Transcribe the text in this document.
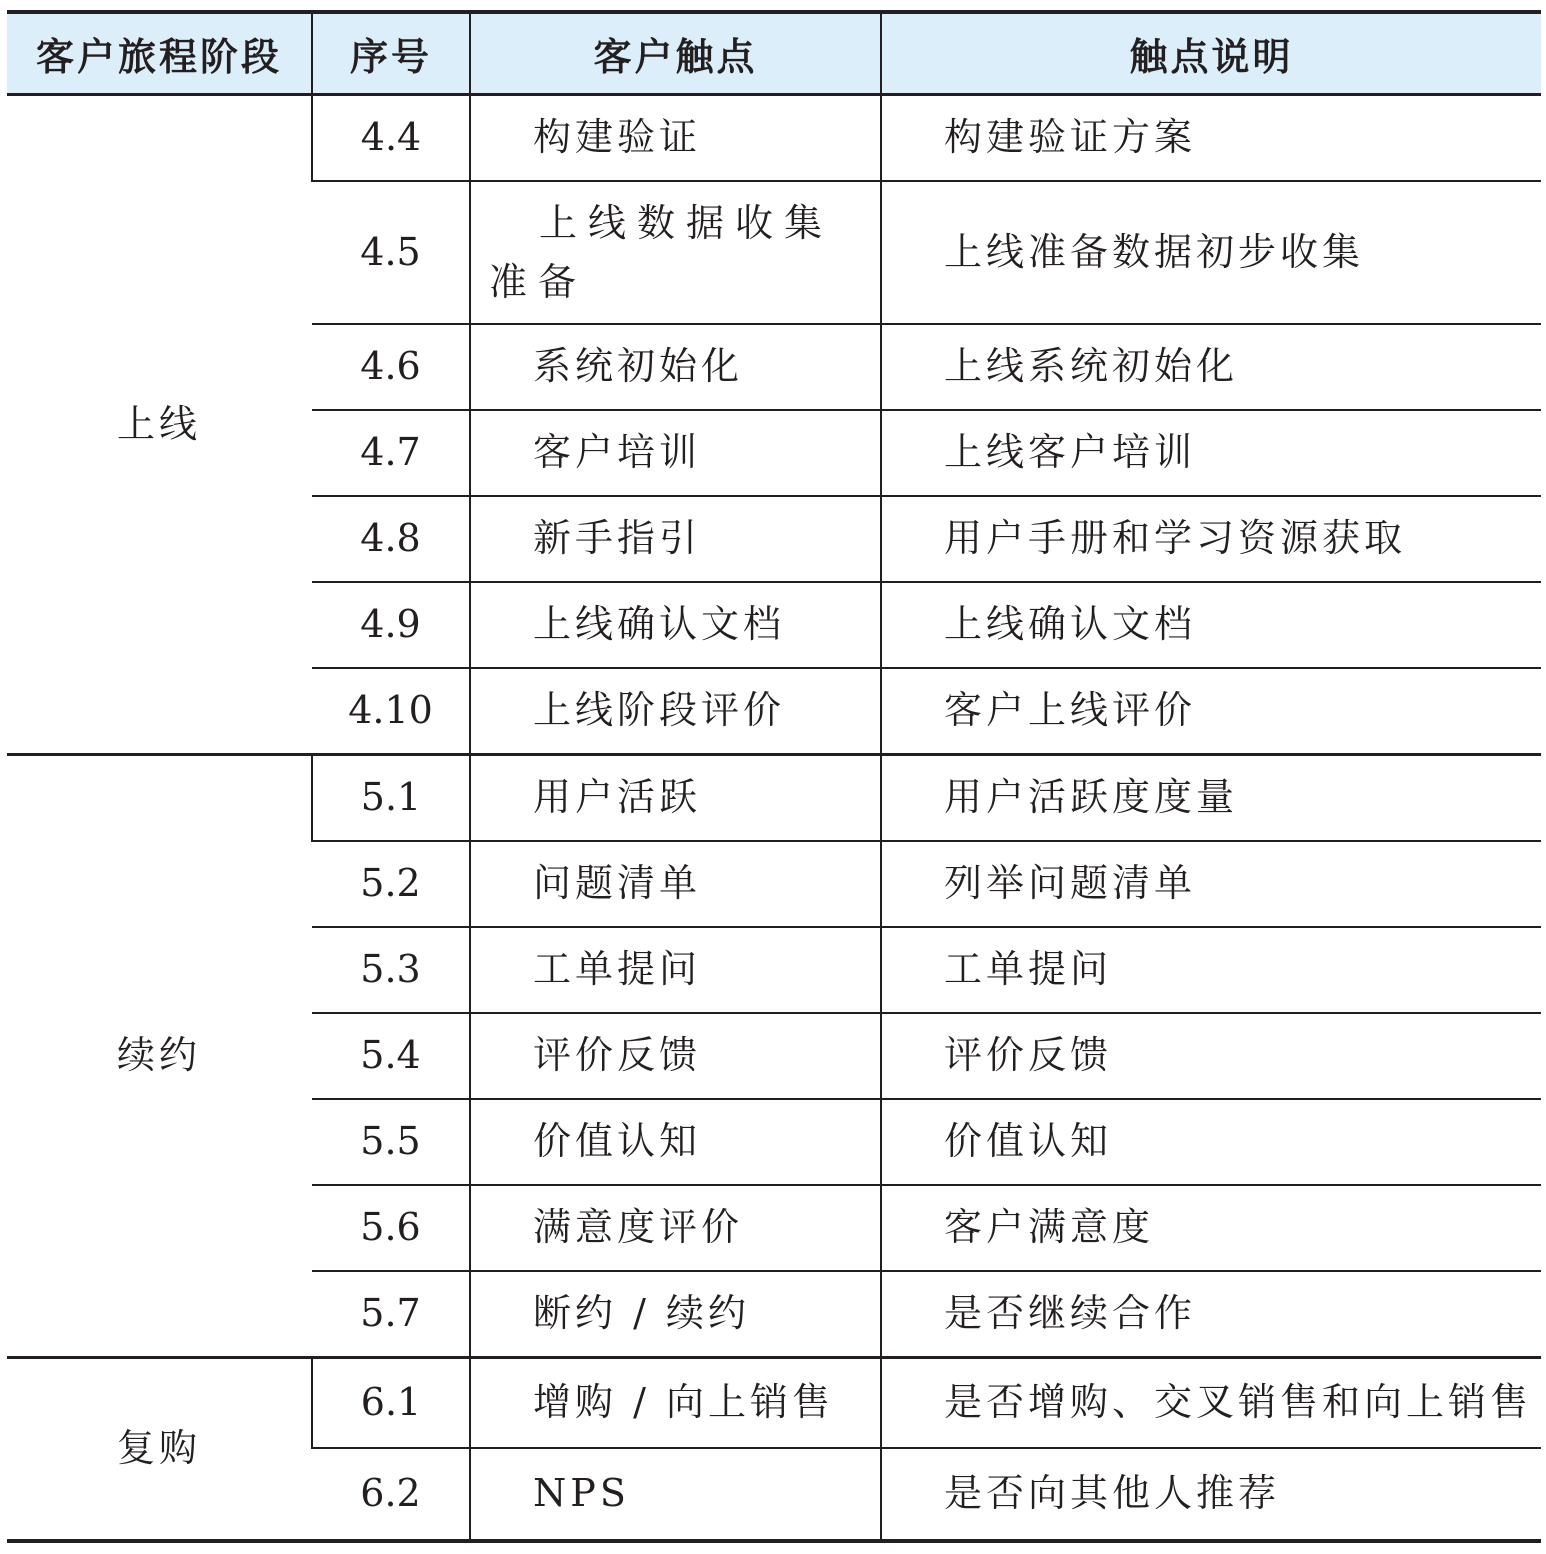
客户旅程阶段	序号	客户触点	触点说明
上线	4.4	构建验证	构建验证方案
	4.5	上线数据收集准备	上线准备数据初步收集
	4.6	系统初始化	上线系统初始化
	4.7	客户培训	上线客户培训
	4.8	新手指引	用户手册和学习资源获取
	4.9	上线确认文档	上线确认文档
	4.10	上线阶段评价	客户上线评价
续约	5.1	用户活跃	用户活跃度度量
	5.2	问题清单	列举问题清单
	5.3	工单提问	工单提问
	5.4	评价反馈	评价反馈
	5.5	价值认知	价值认知
	5.6	满意度评价	客户满意度
	5.7	断约 / 续约	是否继续合作
复购	6.1	增购 / 向上销售	是否增购、交叉销售和向上销售
	6.2	NPS	是否向其他人推荐
